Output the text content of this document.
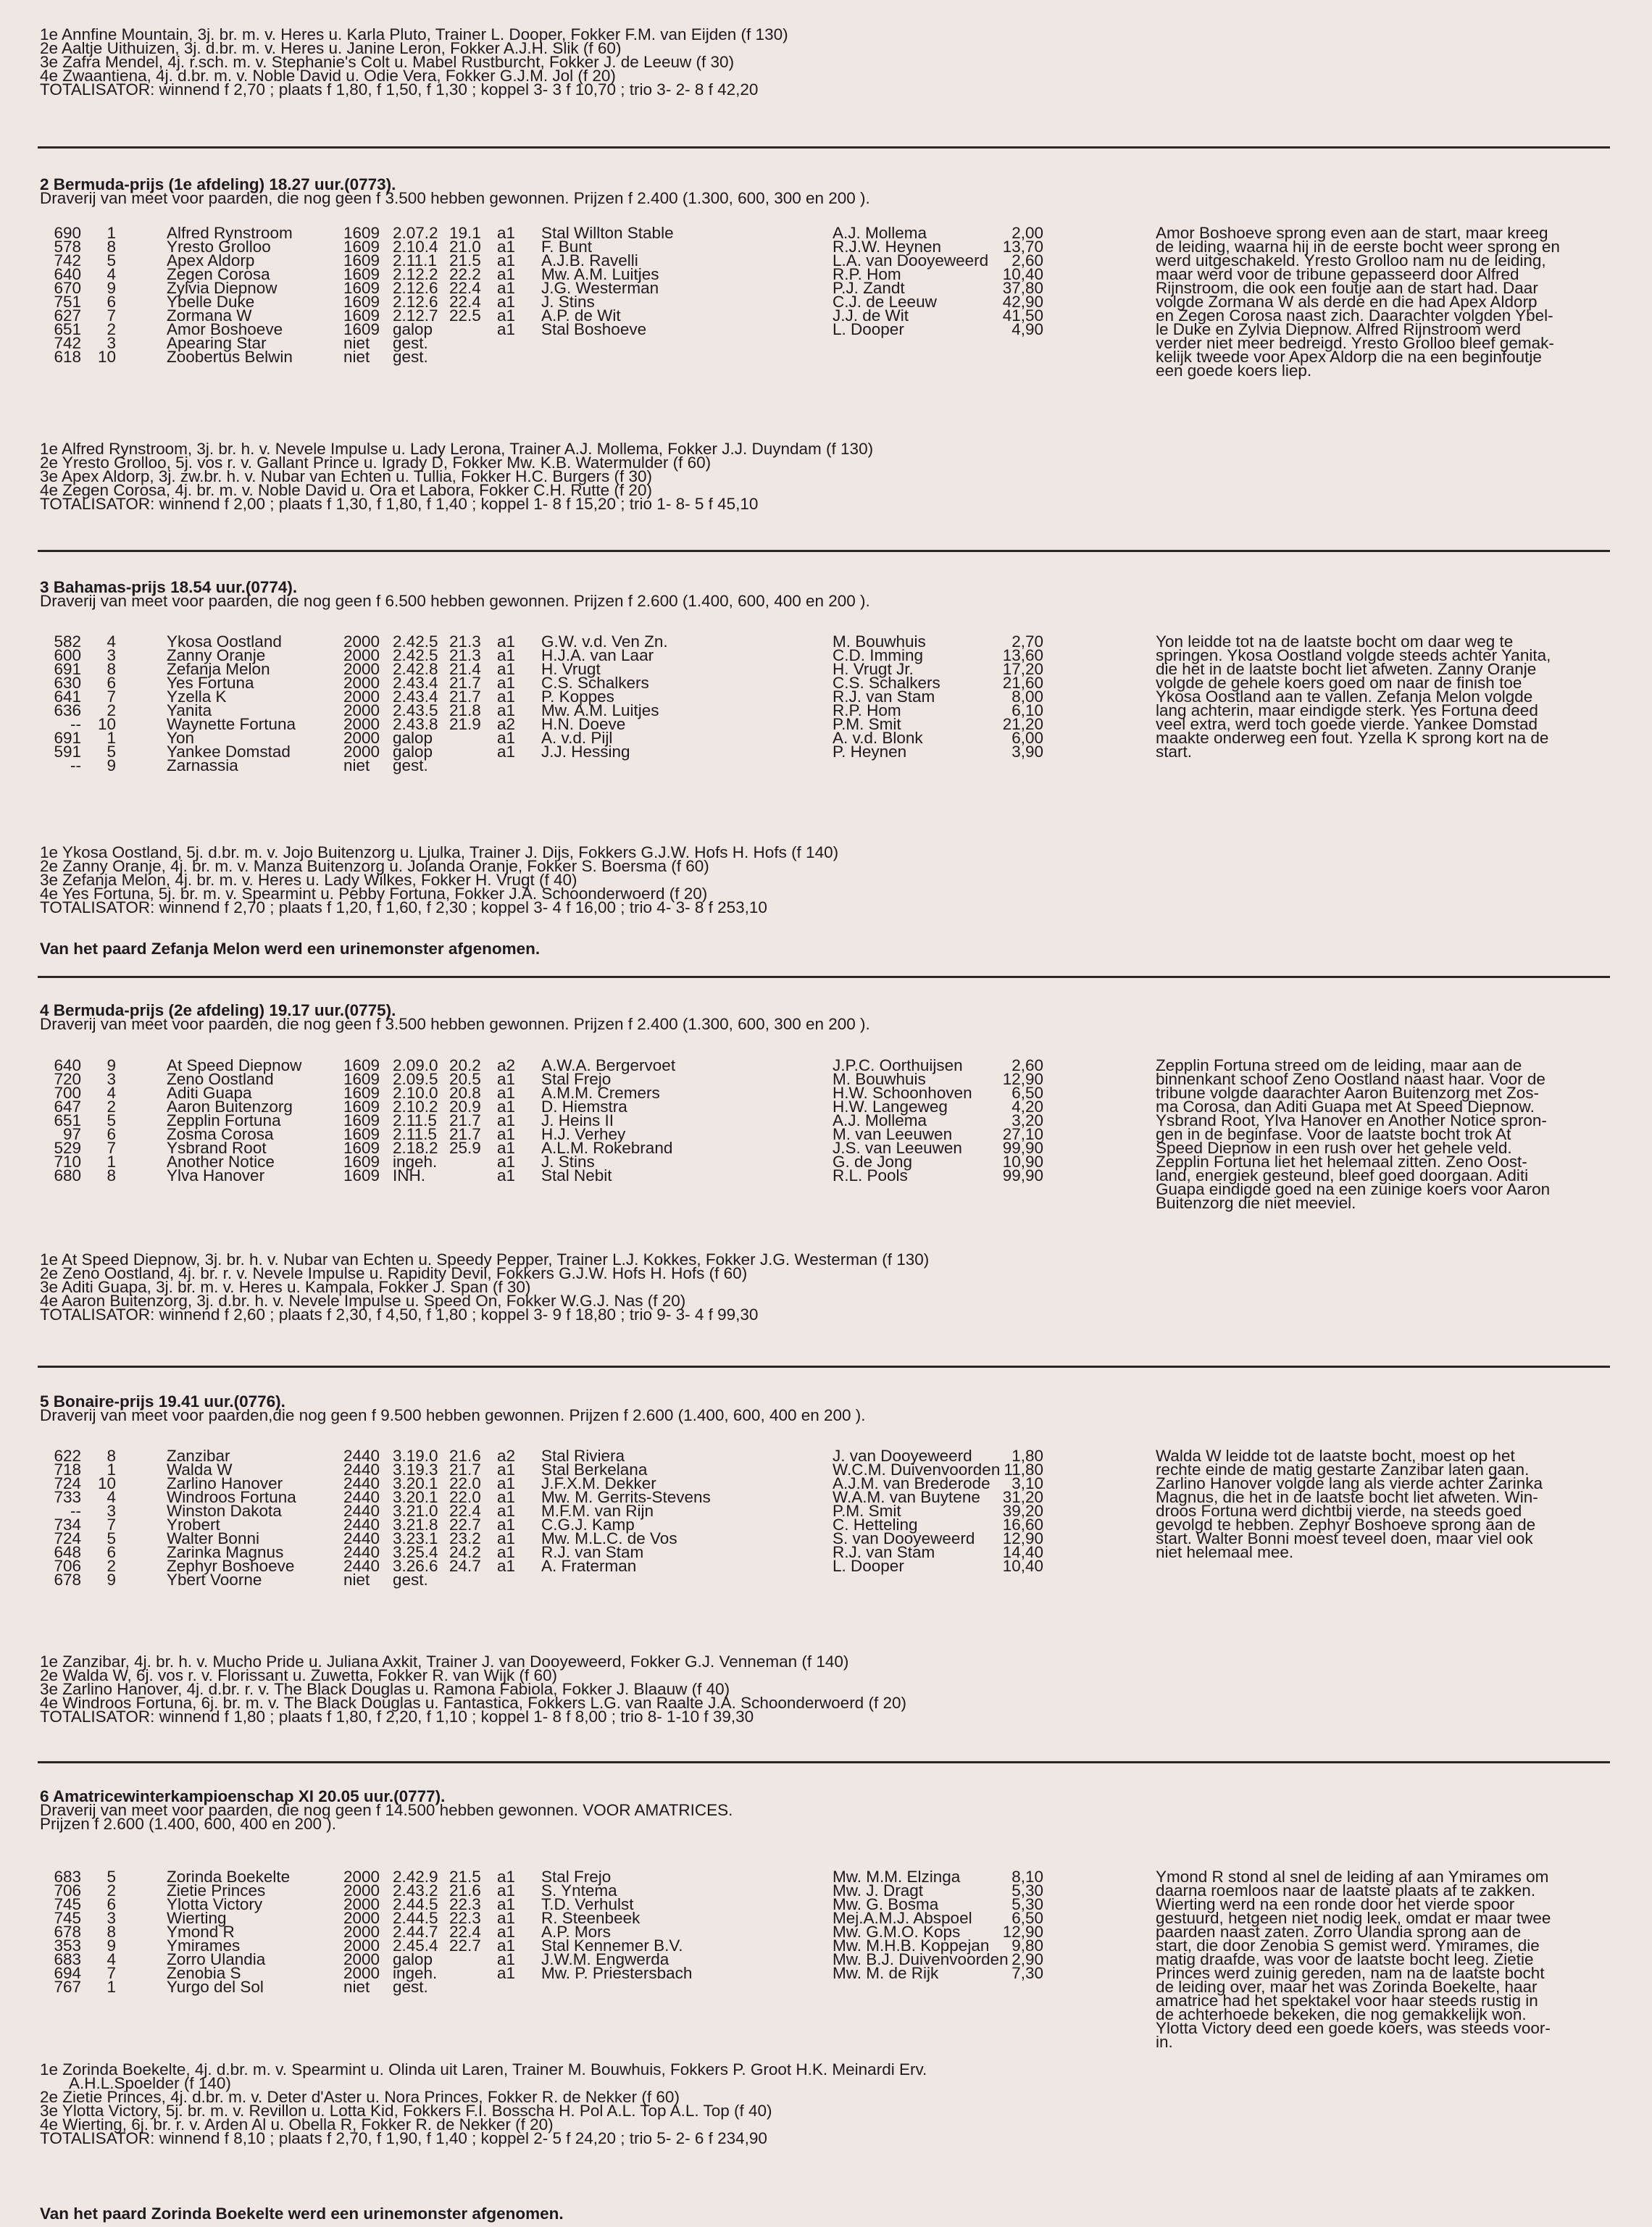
1e Annfine Mountain, 3j. br. m. v. Heres u. Karla Pluto, Trainer L. Dooper, Fokker F.M. van Eijden (f 130)
2e Aaltje Uithuizen, 3j. d.br. m. v. Heres u. Janine Leron, Fokker A.J.H. Slik (f 60)
3e Zafra Mendel, 4j. r.sch. m. v. Stephanie's Colt u. Mabel Rustburcht, Fokker J. de Leeuw (f 30)
4e Zwaantiena, 4j. d.br. m. v. Noble David u. Odie Vera, Fokker G.J.M. Jol (f 20)
TOTALISATOR: winnend f 2,70 ; plaats f 1,80, f 1,50, f 1,30 ; koppel 3- 3 f 10,70 ; trio 3- 2- 8 f 42,20
2 Bermuda-prijs (1e afdeling) 18.27 uur.(0773).
Draverij van meet voor paarden, die nog geen f 3.500 hebben gewonnen. Prijzen f 2.400 (1.300, 600, 300 en 200 ).
690	1	Alfred Rynstroom	1609 2.07.2 19.1 a1 Stal Willton Stable	A.J. Mollema	2,00
578	8	Yresto Grolloo	1609 2.10.4 21.0 a1 F. Bunt	R.J.W. Heynen	13,70
742	5	Apex Aldorp	1609 2.11.1 21.5 a1 A.J.B. Ravelli	L.A. van Dooyeweerd	2,60
640	4	Zegen Corosa	1609 2.12.2 22.2 a1 Mw. A.M. Luitjes	R.P. Hom	10,40
670	9	Zylvia Diepnow	1609 2.12.6 22.4 a1 J.G. Westerman	P.J. Zandt	37,80
751	6	Ybelle Duke	1609 2.12.6 22.4 a1 J. Stins	C.J. de Leeuw	42,90
627	7	Zormana W	1609 2.12.7 22.5 a1 A.P. de Wit	J.J. de Wit	41,50
651	2	Amor Boshoeve	1609 galop	a1 Stal Boshoeve	L. Dooper	4,90
742	3	Apearing Star	niet gest.
618	10	Zoobertus Belwin	niet gest.
Amor Boshoeve sprong even aan de start, maar kreeg
de leiding, waarna hij in de eerste bocht weer sprong en
werd uitgeschakeld. Yresto Grolloo nam nu de leiding,
maar werd voor de tribune gepasseerd door Alfred
Rijnstroom, die ook een foutje aan de start had. Daar
volgde Zormana W als derde en die had Apex Aldorp
en Zegen Corosa naast zich. Daarachter volgden Ybel-
le Duke en Zylvia Diepnow. Alfred Rijnstroom werd
verder niet meer bedreigd. Yresto Grolloo bleef gemak-
kelijk tweede voor Apex Aldorp die na een beginfoutje
een goede koers liep.
1e Alfred Rynstroom, 3j. br. h. v. Nevele Impulse u. Lady Lerona, Trainer A.J. Mollema, Fokker J.J. Duyndam (f 130)
2e Yresto Grolloo, 5j. vos r. v. Gallant Prince u. Igrady D, Fokker Mw. K.B. Watermulder (f 60)
3e Apex Aldorp, 3j. zw.br. h. v. Nubar van Echten u. Tullia, Fokker H.C. Burgers (f 30)
4e Zegen Corosa, 4j. br. m. v. Noble David u. Ora et Labora, Fokker C.H. Rutte (f 20)
TOTALISATOR: winnend f 2,00 ; plaats f 1,30, f 1,80, f 1,40 ; koppel 1- 8 f 15,20 ; trio 1- 8- 5 f 45,10
3 Bahamas-prijs 18.54 uur.(0774).
Draverij van meet voor paarden, die nog geen f 6.500 hebben gewonnen. Prijzen f 2.600 (1.400, 600, 400 en 200 ).
582	4	Ykosa Oostland	2000 2.42.5 21.3 a1 G.W. v.d. Ven Zn.	M. Bouwhuis	2,70
600	3	Zanny Oranje	2000 2.42.5 21.3 a1 H.J.A. van Laar	C.D. Imming	13,60
691	8	Zefanja Melon	2000 2.42.8 21.4 a1 H. Vrugt	H. Vrugt Jr.	17,20
630	6	Yes Fortuna	2000 2.43.4 21.7 a1 C.S. Schalkers	C.S. Schalkers	21,60
641	7	Yzella K	2000 2.43.4 21.7 a1 P. Koppes	R.J. van Stam	8,00
636	2	Yanita	2000 2.43.5 21.8 a1 Mw. A.M. Luitjes	R.P. Hom	6,10
--	10	Waynette Fortuna	2000 2.43.8 21.9 a2 H.N. Doeve	P.M. Smit	21,20
691	1	Yon	2000 galop	a1 A. v.d. Pijl	A. v.d. Blonk	6,00
591	5	Yankee Domstad	2000 galop	a1 J.J. Hessing	P. Heynen	3,90
--	9	Zarnassia	niet gest.
Yon leidde tot na de laatste bocht om daar weg te
springen. Ykosa Oostland volgde steeds achter Yanita,
die het in de laatste bocht liet afweten. Zanny Oranje
volgde de gehele koers goed om naar de finish toe
Ykosa Oostland aan te vallen. Zefanja Melon volgde
lang achterin, maar eindigde sterk. Yes Fortuna deed
veel extra, werd toch goede vierde. Yankee Domstad
maakte onderweg een fout. Yzella K sprong kort na de
start.
1e Ykosa Oostland, 5j. d.br. m. v. Jojo Buitenzorg u. Ljulka, Trainer J. Dijs, Fokkers G.J.W. Hofs H. Hofs (f 140)
2e Zanny Oranje, 4j. br. m. v. Manza Buitenzorg u. Jolanda Oranje, Fokker S. Boersma (f 60)
3e Zefanja Melon, 4j. br. m. v. Heres u. Lady Wilkes, Fokker H. Vrugt (f 40)
4e Yes Fortuna, 5j. br. m. v. Spearmint u. Pebby Fortuna, Fokker J.A. Schoonderwoerd (f 20)
TOTALISATOR: winnend f 2,70 ; plaats f 1,20, f 1,60, f 2,30 ; koppel 3- 4 f 16,00 ; trio 4- 3- 8 f 253,10
Van het paard Zefanja Melon werd een urinemonster afgenomen.
4 Bermuda-prijs (2e afdeling) 19.17 uur.(0775).
Draverij van meet voor paarden, die nog geen f 3.500 hebben gewonnen. Prijzen f 2.400 (1.300, 600, 300 en 200 ).
640	9	At Speed Diepnow	1609 2.09.0 20.2 a2 A.W.A. Bergervoet	J.P.C. Oorthuijsen	2,60
720	3	Zeno Oostland	1609 2.09.5 20.5 a1 Stal Frejo	M. Bouwhuis	12,90
700	4	Aditi Guapa	1609 2.10.0 20.8 a1 A.M.M. Cremers	H.W. Schoonhoven	6,50
647	2	Aaron Buitenzorg	1609 2.10.2 20.9 a1 D. Hiemstra	H.W. Langeweg	4,20
651	5	Zepplin Fortuna	1609 2.11.5 21.7 a1 J. Heins II	A.J. Mollema	3,20
97	6	Zosma Corosa	1609 2.11.5 21.7 a1 H.J. Verhey	M. van Leeuwen	27,10
529	7	Ysbrand Root	1609 2.18.2 25.9 a1 A.L.M. Rokebrand	J.S. van Leeuwen	99,90
710	1	Another Notice	1609 ingeh.	a1 J. Stins	G. de Jong	10,90
680	8	Ylva Hanover	1609 INH.	a1 Stal Nebit	R.L. Pools	99,90
Zepplin Fortuna streed om de leiding, maar aan de
binnenkant schoof Zeno Oostland naast haar. Voor de
tribune volgde daarachter Aaron Buitenzorg met Zos-
ma Corosa, dan Aditi Guapa met At Speed Diepnow.
Ysbrand Root, Ylva Hanover en Another Notice spron-
gen in de beginfase. Voor de laatste bocht trok At
Speed Diepnow in een rush over het gehele veld.
Zepplin Fortuna liet het helemaal zitten. Zeno Oost-
land, energiek gesteund, bleef goed doorgaan. Aditi
Guapa eindigde goed na een zuinige koers voor Aaron
Buitenzorg die niet meeviel.
1e At Speed Diepnow, 3j. br. h. v. Nubar van Echten u. Speedy Pepper, Trainer L.J. Kokkes, Fokker J.G. Westerman (f 130)
2e Zeno Oostland, 4j. br. r. v. Nevele Impulse u. Rapidity Devil, Fokkers G.J.W. Hofs H. Hofs (f 60)
3e Aditi Guapa, 3j. br. m. v. Heres u. Kampala, Fokker J. Span (f 30)
4e Aaron Buitenzorg, 3j. d.br. h. v. Nevele Impulse u. Speed On, Fokker W.G.J. Nas (f 20)
TOTALISATOR: winnend f 2,60 ; plaats f 2,30, f 4,50, f 1,80 ; koppel 3- 9 f 18,80 ; trio 9- 3- 4 f 99,30
5 Bonaire-prijs 19.41 uur.(0776).
Draverij van meet voor paarden,die nog geen f 9.500 hebben gewonnen. Prijzen f 2.600 (1.400, 600, 400 en 200 ).
622	8	Zanzibar	2440 3.19.0 21.6 a2 Stal Riviera	J. van Dooyeweerd	1,80
718	1	Walda W	2440 3.19.3 21.7 a1 Stal Berkelana	W.C.M. Duivenvoorden 11,80
724	10	Zarlino Hanover	2440 3.20.1 22.0 a1 J.F.X.M. Dekker	A.J.M. van Brederode	3,10
733	4	Windroos Fortuna	2440 3.20.1 22.0 a1 Mw. M. Gerrits-Stevens	W.A.M. van Buytene	31,20
--	3	Winston Dakota	2440 3.21.0 22.4 a1 M.F.M. van Rijn	P.M. Smit	39,20
734	7	Yrobert	2440 3.21.8 22.7 a1 C.G.J. Kamp	C. Hetteling	16,60
724	5	Walter Bonni	2440 3.23.1 23.2 a1 Mw. M.L.C. de Vos	S. van Dooyeweerd	12,90
648	6	Zarinka Magnus	2440 3.25.4 24.2 a1 R.J. van Stam	R.J. van Stam	14,40
706	2	Zephyr Boshoeve	2440 3.26.6 24.7 a1 A. Fraterman	L. Dooper	10,40
678	9	Ybert Voorne	niet gest.
Walda W leidde tot de laatste bocht, moest op het
rechte einde de matig gestarte Zanzibar laten gaan.
Zarlino Hanover volgde lang als vierde achter Zarinka
Magnus, die het in de laatste bocht liet afweten. Win-
droos Fortuna werd dichtbij vierde, na steeds goed
gevolgd te hebben. Zephyr Boshoeve sprong aan de
start. Walter Bonni moest teveel doen, maar viel ook
niet helemaal mee.
1e Zanzibar, 4j. br. h. v. Mucho Pride u. Juliana Axkit, Trainer J. van Dooyeweerd, Fokker G.J. Venneman (f 140)
2e Walda W, 6j. vos r. v. Florissant u. Zuwetta, Fokker R. van Wijk (f 60)
3e Zarlino Hanover, 4j. d.br. r. v. The Black Douglas u. Ramona Fabiola, Fokker J. Blaauw (f 40)
4e Windroos Fortuna, 6j. br. m. v. The Black Douglas u. Fantastica, Fokkers L.G. van Raalte J.A. Schoonderwoerd (f 20)
TOTALISATOR: winnend f 1,80 ; plaats f 1,80, f 2,20, f 1,10 ; koppel 1- 8 f 8,00 ; trio 8- 1-10 f 39,30
6 Amatricewinterkampioenschap XI 20.05 uur.(0777).
Draverij van meet voor paarden, die nog geen f 14.500 hebben gewonnen. VOOR AMATRICES.
Prijzen f 2.600 (1.400, 600, 400 en 200 ).
683	5	Zorinda Boekelte	2000 2.42.9 21.5 a1 Stal Frejo	Mw. M.M. Elzinga	8,10
706	2	Zietie Princes	2000 2.43.2 21.6 a1 S. Yntema	Mw. J. Dragt	5,30
745	6	Ylotta Victory	2000 2.44.5 22.3 a1 T.D. Verhulst	Mw. G. Bosma	5,30
745	3	Wierting	2000 2.44.5 22.3 a1 R. Steenbeek	Mej.A.M.J. Abspoel	6,50
678	8	Ymond R	2000 2.44.7 22.4 a1 A.P. Mors	Mw. G.M.O. Kops	12,90
353	9	Ymirames	2000 2.45.4 22.7 a1 Stal Kennemer B.V.	Mw. M.H.B. Koppejan	9,80
683	4	Zorro Ulandia	2000 galop	a1 J.W.M. Engwerda	Mw. B.J. Duivenvoorden 2,90
694	7	Zenobia S	2000 ingeh.	a1 Mw. P. Priestersbach	Mw. M. de Rijk	7,30
767	1	Yurgo del Sol	niet gest.
Ymond R stond al snel de leiding af aan Ymirames om
daarna roemloos naar de laatste plaats af te zakken.
Wierting werd na een ronde door het vierde spoor
gestuurd, hetgeen niet nodig leek, omdat er maar twee
paarden naast zaten. Zorro Ulandia sprong aan de
start, die door Zenobia S gemist werd. Ymirames, die
matig draafde, was voor de laatste bocht leeg. Zietie
Princes werd zuinig gereden, nam na de laatste bocht
de leiding over, maar het was Zorinda Boekelte, haar
amatrice had het spektakel voor haar steeds rustig in
de achterhoede bekeken, die nog gemakkelijk won.
Ylotta Victory deed een goede koers, was steeds voor-
in.
1e Zorinda Boekelte, 4j. d.br. m. v. Spearmint u. Olinda uit Laren, Trainer M. Bouwhuis, Fokkers P. Groot H.K. Meinardi Erv.
A.H.L.Spoelder (f 140)
2e Zietie Princes, 4j. d.br. m. v. Deter d'Aster u. Nora Princes, Fokker R. de Nekker (f 60)
3e Ylotta Victory, 5j. br. m. v. Revillon u. Lotta Kid, Fokkers F.I. Bosscha H. Pol A.L. Top A.L. Top (f 40)
4e Wierting, 6j. br. r. v. Arden Al u. Obella R, Fokker R. de Nekker (f 20)
TOTALISATOR: winnend f 8,10 ; plaats f 2,70, f 1,90, f 1,40 ; koppel 2- 5 f 24,20 ; trio 5- 2- 6 f 234,90
Van het paard Zorinda Boekelte werd een urinemonster afgenomen.
